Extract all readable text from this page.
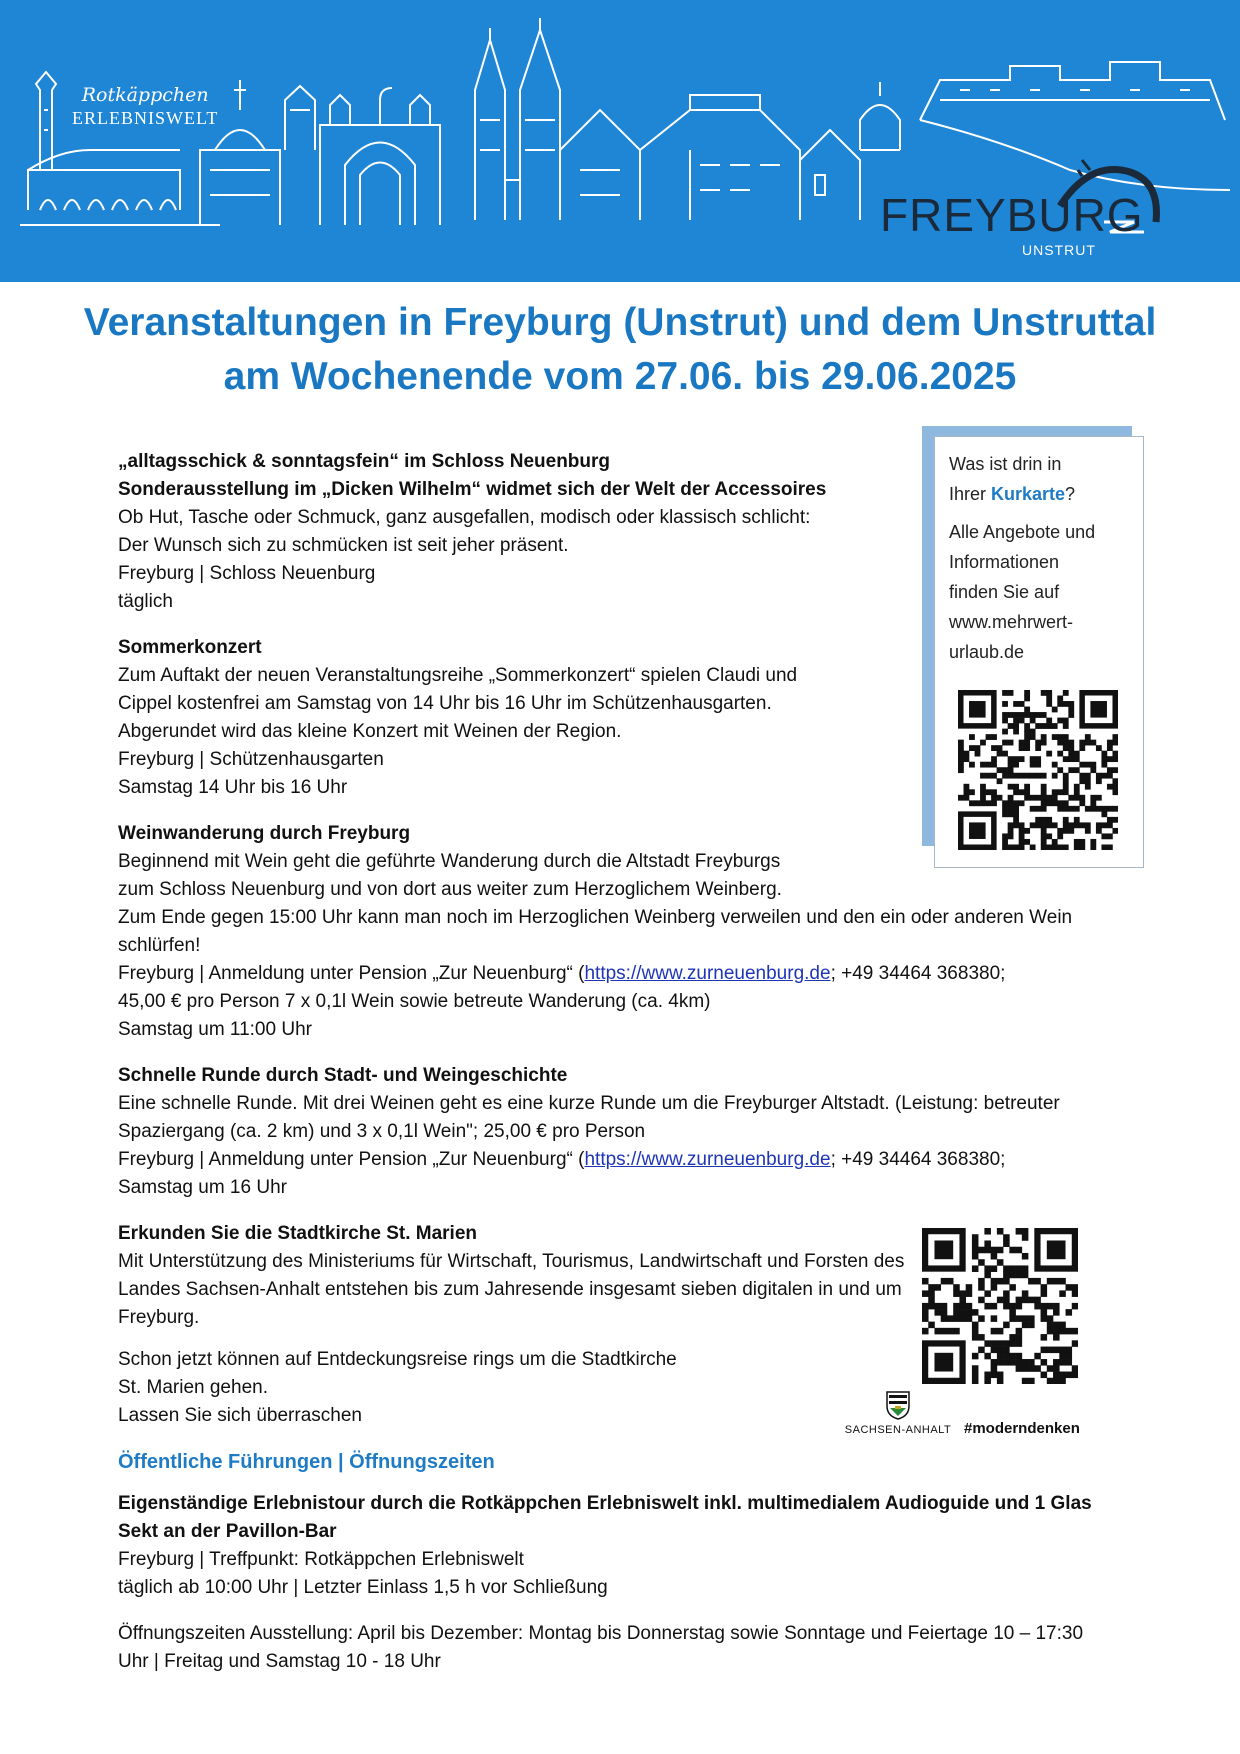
Rotkäppchen
ERLEBNISWELT
FREYBURG
UNSTRUT
Veranstaltungen in Freyburg (Unstrut) und dem Unstruttal
am Wochenende vom 27.06. bis 29.06.2025

Was ist drin in

Ihrer Kurkarte?

Alle Angebote und

Informationen

finden Sie auf

www.mehrwert-

urlaub.de

„alltagsschick & sonntagsfein“ im Schloss Neuenburg

Sonderausstellung im „Dicken Wilhelm“ widmet sich der Welt der Accessoires

Ob Hut, Tasche oder Schmuck, ganz ausgefallen, modisch oder klassisch schlicht:

Der Wunsch sich zu schmücken ist seit jeher präsent.

Freyburg | Schloss Neuenburg

täglich

Sommerkonzert

Zum Auftakt der neuen Veranstaltungsreihe „Sommerkonzert“ spielen Claudi und

Cippel kostenfrei am Samstag von 14 Uhr bis 16 Uhr im Schützenhausgarten.

Abgerundet wird das kleine Konzert mit Weinen der Region.

Freyburg | Schützenhausgarten

Samstag 14 Uhr bis 16 Uhr

Weinwanderung durch Freyburg

Beginnend mit Wein geht die geführte Wanderung durch die Altstadt Freyburgs

zum Schloss Neuenburg und von dort aus weiter zum Herzoglichem Weinberg.

Zum Ende gegen 15:00 Uhr kann man noch im Herzoglichen Weinberg verweilen und den ein oder anderen Wein schlürfen!

Freyburg | Anmeldung unter Pension „Zur Neuenburg“ (https://www.zurneuenburg.de; +49 34464 368380;

45,00 € pro Person 7 x 0,1l Wein sowie betreute Wanderung (ca. 4km)

Samstag um 11:00 Uhr

Schnelle Runde durch Stadt- und Weingeschichte

Eine schnelle Runde. Mit drei Weinen geht es eine kurze Runde um die Freyburger Altstadt. (Leistung: betreuter Spaziergang (ca. 2 km) und 3 x 0,1l Wein"; 25,00 € pro Person

Freyburg | Anmeldung unter Pension „Zur Neuenburg“ (https://www.zurneuenburg.de; +49 34464 368380;

Samstag um 16 Uhr

Erkunden Sie die Stadtkirche St. Marien

Mit Unterstützung des Ministeriums für Wirtschaft, Tourismus, Landwirtschaft und Forsten des Landes Sachsen-Anhalt entstehen bis zum Jahresende insgesamt sieben digitalen in und um Freyburg.

Schon jetzt können auf Entdeckungsreise rings um die Stadtkirche

St. Marien gehen.

Lassen Sie sich überraschen

Öffentliche Führungen | Öffnungszeiten

Eigenständige Erlebnistour durch die Rotkäppchen Erlebniswelt inkl. multimedialem Audioguide und 1 Glas Sekt an der Pavillon-Bar

Freyburg | Treffpunkt: Rotkäppchen Erlebniswelt

täglich ab 10:00 Uhr | Letzter Einlass 1,5 h vor Schließung

Öffnungszeiten Ausstellung: April bis Dezember: Montag bis Donnerstag sowie Sonntage und Feiertage 10 – 17:30 Uhr | Freitag und Samstag 10 - 18 Uhr

SACHSEN-ANHALT #moderndenken
